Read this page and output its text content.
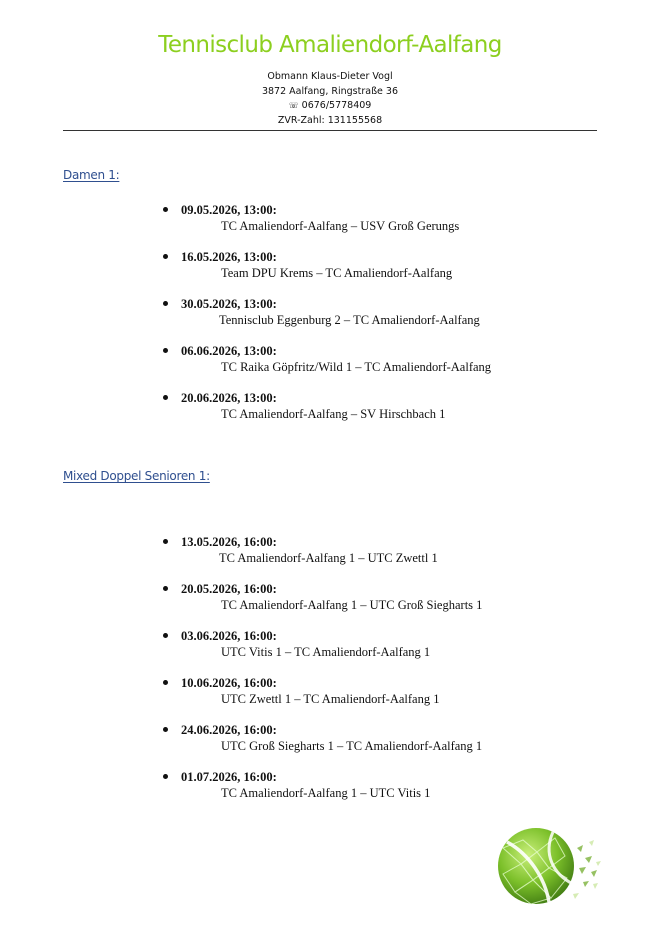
Tennisclub Amaliendorf-Aalfang
Obmann Klaus-Dieter Vogl
3872 Aalfang, Ringstraße 36
☏ 0676/5778409
ZVR-Zahl: 131155568
Damen 1:
09.05.2026, 13:00:
TC Amaliendorf-Aalfang – USV Groß Gerungs
16.05.2026, 13:00:
Team DPU Krems – TC Amaliendorf-Aalfang
30.05.2026, 13:00:
Tennisclub Eggenburg 2 – TC Amaliendorf-Aalfang
06.06.2026, 13:00:
TC Raika Göpfritz/Wild 1 – TC Amaliendorf-Aalfang
20.06.2026, 13:00:
TC Amaliendorf-Aalfang – SV Hirschbach 1
Mixed Doppel Senioren 1:
13.05.2026, 16:00:
TC Amaliendorf-Aalfang 1 – UTC Zwettl 1
20.05.2026, 16:00:
TC Amaliendorf-Aalfang 1 – UTC Groß Siegharts 1
03.06.2026, 16:00:
UTC Vitis 1 – TC Amaliendorf-Aalfang 1
10.06.2026, 16:00:
UTC Zwettl 1 – TC Amaliendorf-Aalfang 1
24.06.2026, 16:00:
UTC Groß Siegharts 1 – TC Amaliendorf-Aalfang 1
01.07.2026, 16:00:
TC Amaliendorf-Aalfang 1 – UTC Vitis 1
